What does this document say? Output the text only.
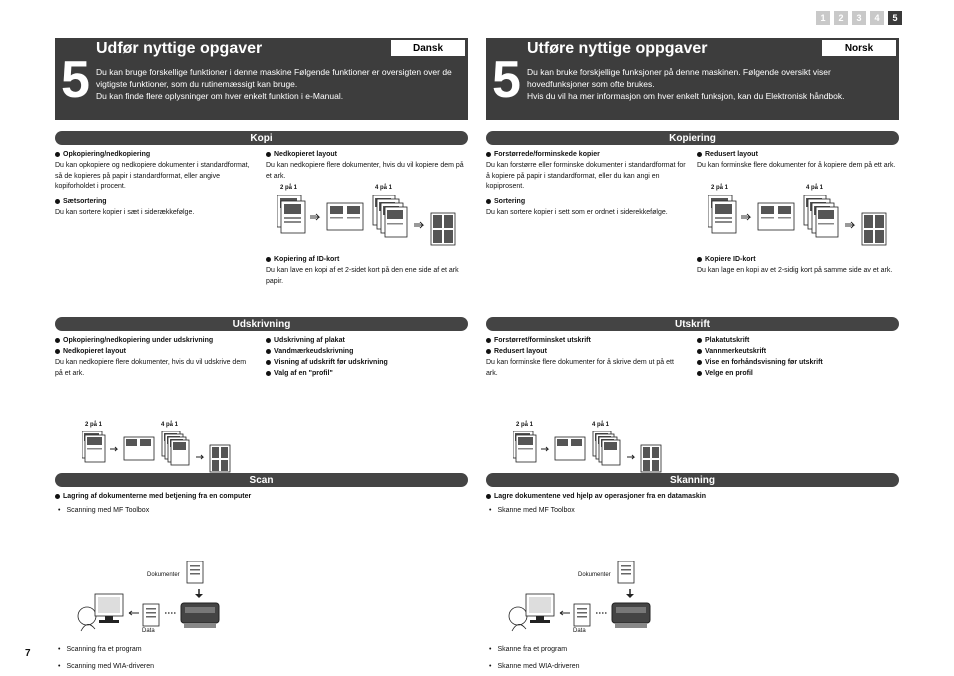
1	2	3	4	5
5
Udfør nyttige opgaver	Dansk
Du kan bruge forskellige funktioner i denne maskine Følgende funktioner er oversigten over de vigtigste funktioner, som du rutinemæssigt kan bruge.
Du kan finde flere oplysninger om hver enkelt funktion i e-Manual.
Kopi
Opkopiering/nedkopiering
Du kan opkopiere og nedkopiere dokumenter i standardformat, så de kopieres på papir i standardformat, eller angive kopiforholdet i procent.
Sætsortering
Du kan sortere kopier i sæt i siderækkefølge.
Nedkopieret layout
Du kan nedkopiere flere dokumenter, hvis du vil kopiere dem på et ark.
2 på 1	4 på 1
Kopiering af ID-kort
Du kan lave en kopi af et 2-sidet kort på den ene side af et ark papir.
Udskrivning
Opkopiering/nedkopiering under udskrivning
Nedkopieret layout
Du kan nedkopiere flere dokumenter, hvis du vil udskrive dem på et ark.
Udskrivning af plakat
Vandmærkeudskrivning
Visning af udskrift før udskrivning
Valg af en "profil"
2 på 1	4 på 1
Scan
Lagring af dokumenterne med betjening fra en computer
• Scanning med MF Toolbox
Dokumenter
Data
• Scanning fra et program
• Scanning med WIA-driveren
5
Utføre nyttige oppgaver	Norsk
Du kan bruke forskjellige funksjoner på denne maskinen. Følgende oversikt viser hovedfunksjoner som ofte brukes.
Hvis du vil ha mer informasjon om hver enkelt funksjon, kan du Elektronisk håndbok.
Kopiering
Forstørrede/forminskede kopier
Du kan forstørre eller forminske dokumenter i standardformat for å kopiere på papir i standardformat, eller du kan angi en kopiprosent.
Sortering
Du kan sortere kopier i sett som er ordnet i siderekkefølge.
Redusert layout
Du kan forminske flere dokumenter for å kopiere dem på ett ark.
2 på 1	4 på 1
Kopiere ID-kort
Du kan lage en kopi av et 2-sidig kort på samme side av et ark.
Utskrift
Forstørret/forminsket utskrift
Redusert layout
Du kan forminske flere dokumenter for å skrive dem ut på ett ark.
Plakatutskrift
Vannmerkeutskrift
Vise en forhåndsvisning før utskrift
Velge en profil
2 på 1	4 på 1
Skanning
Lagre dokumentene ved hjelp av operasjoner fra en datamaskin
• Skanne med MF Toolbox
Dokumenter
Data
• Skanne fra et program
• Skanne med WIA-driveren
7
